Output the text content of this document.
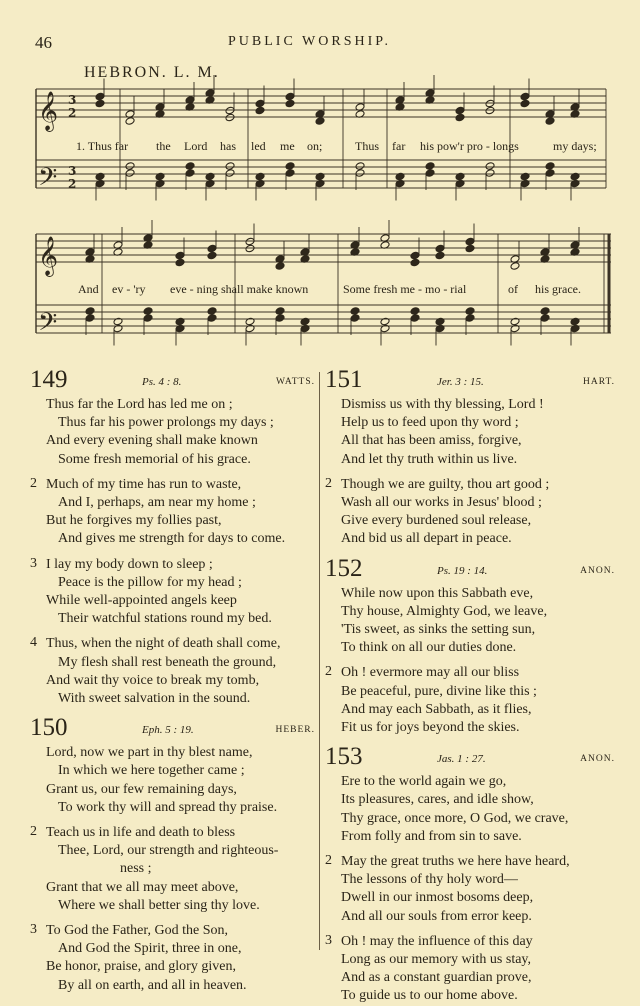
46	PUBLIC WORSHIP.
HEBRON. L. M.
𝄞
𝄢
𝄞
𝄢
3
2
3
2
1. Thus far the Lord has led me on;	Thus far his pow'r pro - longs	my days;
And ev - 'ry eve - ning shall make known	Some fresh me - mo - rial	of his grace.
149	Ps. 4 : 8.	WATTS.
Thus far the Lord has led me on ;
Thus far his power prolongs my days ;
And every evening shall make known
Some fresh memorial of his grace.
2 Much of my time has run to waste,
And I, perhaps, am near my home ;
But he forgives my follies past,
And gives me strength for days to come.
3 I lay my body down to sleep ;
Peace is the pillow for my head ;
While well-appointed angels keep
Their watchful stations round my bed.
4 Thus, when the night of death shall come,
My flesh shall rest beneath the ground,
And wait thy voice to break my tomb,
With sweet salvation in the sound.
150	Eph. 5 : 19.	HEBER.
Lord, now we part in thy blest name,
In which we here together came ;
Grant us, our few remaining days,
To work thy will and spread thy praise.
2 Teach us in life and death to bless
Thee, Lord, our strength and righteous-
ness ;
Grant that we all may meet above,
Where we shall better sing thy love.
3 To God the Father, God the Son,
And God the Spirit, three in one,
Be honor, praise, and glory given,
By all on earth, and all in heaven.
151	Jer. 3 : 15.	HART.
Dismiss us with thy blessing, Lord !
Help us to feed upon thy word ;
All that has been amiss, forgive,
And let thy truth within us live.
2 Though we are guilty, thou art good ;
Wash all our works in Jesus' blood ;
Give every burdened soul release,
And bid us all depart in peace.
152	Ps. 19 : 14.	ANON.
While now upon this Sabbath eve,
Thy house, Almighty God, we leave,
'Tis sweet, as sinks the setting sun,
To think on all our duties done.
2 Oh ! evermore may all our bliss
Be peaceful, pure, divine like this ;
And may each Sabbath, as it flies,
Fit us for joys beyond the skies.
153	Jas. 1 : 27.	ANON.
Ere to the world again we go,
Its pleasures, cares, and idle show,
Thy grace, once more, O God, we crave,
From folly and from sin to save.
2 May the great truths we here have heard,
The lessons of thy holy word—
Dwell in our inmost bosoms deep,
And all our souls from error keep.
3 Oh ! may the influence of this day
Long as our memory with us stay,
And as a constant guardian prove,
To guide us to our home above.
